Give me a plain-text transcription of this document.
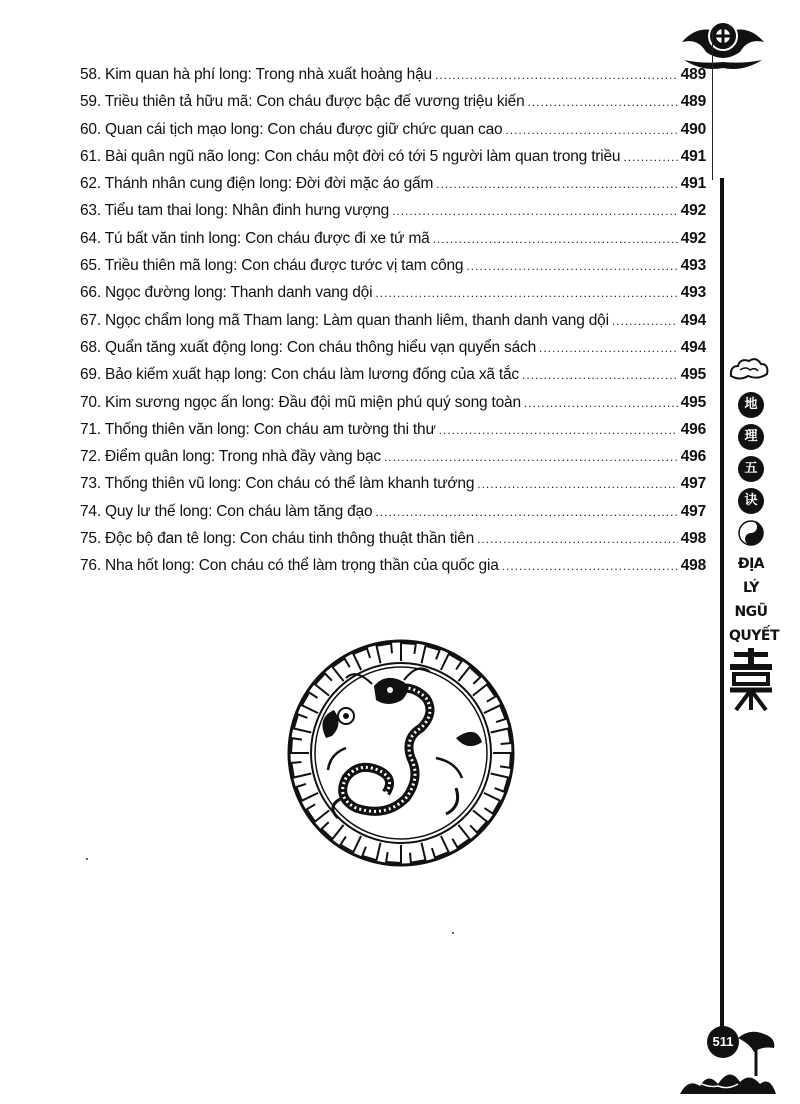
58. Kim quan hà phí long: Trong nhà xuất hoàng hậu .....	489
59. Triều thiên tả hữu mã: Con cháu được bậc đế vương triệu kiến .....	489
60. Quan cái tịch mạo long: Con cháu được giữ chức quan cao .....	490
61. Bài quân ngũ não long: Con cháu một đời có tới 5 người làm quan trong triều .....	491
62. Thánh nhân cung điện long: Đời đời mặc áo gấm .....	491
63. Tiểu tam thai long: Nhân đinh hưng vượng .....	492
64. Tú bất văn tinh long: Con cháu được đi xe tứ mã .....	492
65. Triều thiên mã long: Con cháu được tước vị tam công .....	493
66. Ngọc đường long: Thanh danh vang dội .....	493
67. Ngọc chẩm long mã Tham lang: Làm quan thanh liêm, thanh danh vang dội .....	494
68. Quẩn tăng xuất động long: Con cháu thông hiểu vạn quyển sách .....	494
69. Bảo kiếm xuất hạp long: Con cháu làm lương đống của xã tắc .....	495
70. Kim sương ngọc ấn long: Đầu đội mũ miện phú quý song toàn .....	495
71. Thống thiên văn long: Con cháu am tường thi thư .....	496
72. Điểm quân long: Trong nhà đầy vàng bạc .....	496
73. Thống thiên vũ long: Con cháu có thể làm khanh tướng .....	497
74. Quy lư thế long: Con cháu làm tăng đạo .....	497
75. Độc bộ đan tê long: Con cháu tinh thông thuật thần tiên .....	498
76. Nha hốt long: Con cháu có thể làm trọng thần của quốc gia .....	498
地
理
五
诀
ĐỊA
LÝ
NGŨ
QUYẾT
511
